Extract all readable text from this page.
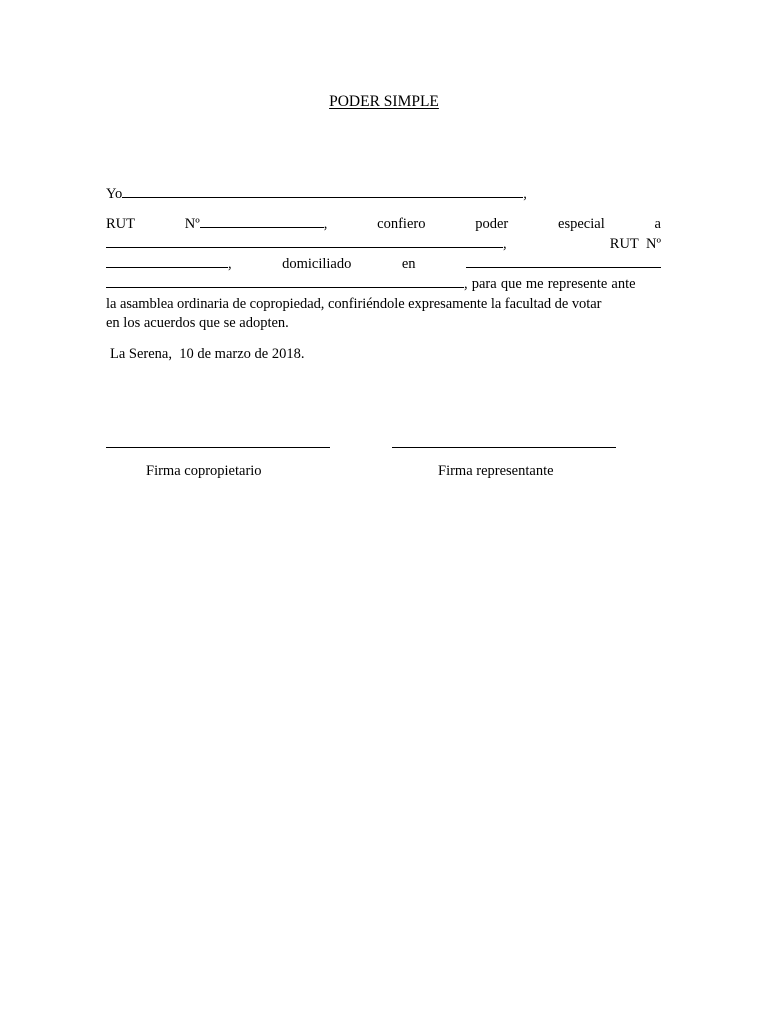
PODER SIMPLE
Yo	,
RUT	Nº	,	confiero	poder	especial	a
,	RUT Nº
,	domiciliado	en
, para que me represente ante
la asamblea ordinaria de copropiedad, confiriéndole expresamente la facultad de votar
en los acuerdos que se adopten.
La Serena,  10 de marzo de 2018.
Firma copropietario	Firma representante
